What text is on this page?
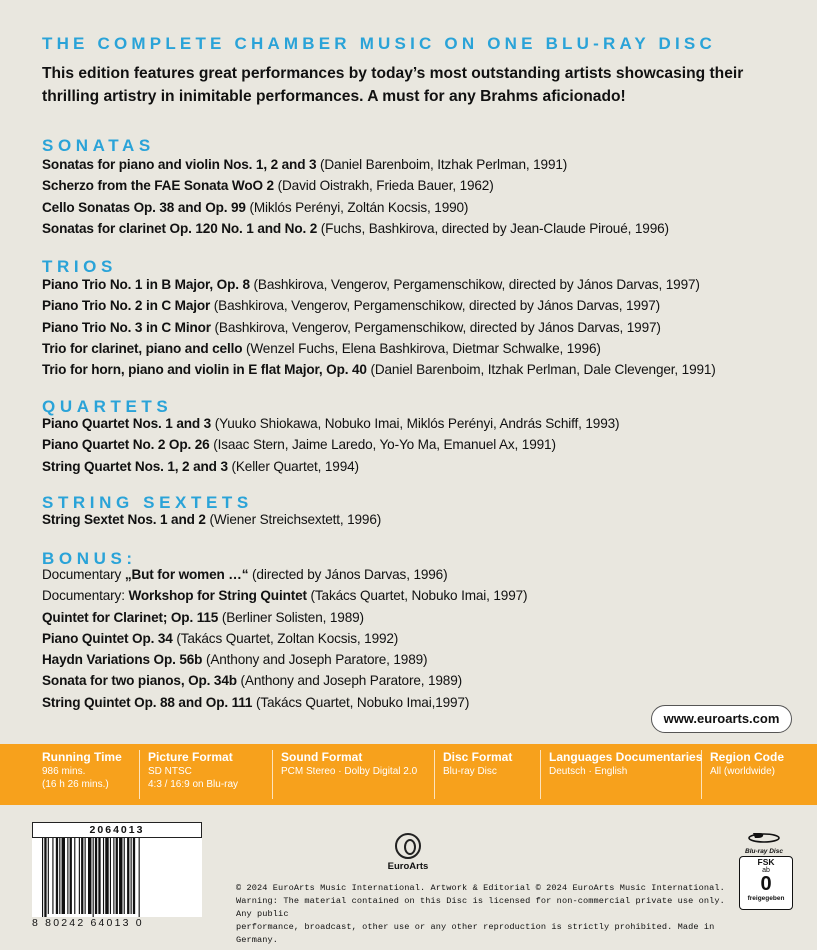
THE COMPLETE CHAMBER MUSIC ON ONE BLU-RAY DISC
This edition features great performances by today’s most outstanding artists showcasing their thrilling artistry in inimitable performances. A must for any Brahms aficionado!
SONATAS
Sonatas for piano and violin Nos. 1, 2 and 3 (Daniel Barenboim, Itzhak Perlman, 1991)
Scherzo from the FAE Sonata WoO 2 (David Oistrakh, Frieda Bauer, 1962)
Cello Sonatas Op. 38 and Op. 99 (Miklós Perényi, Zoltán Kocsis, 1990)
Sonatas for clarinet Op. 120 No. 1 and No. 2 (Fuchs, Bashkirova, directed by Jean-Claude Piroué, 1996)
TRIOS
Piano Trio No. 1 in B Major, Op. 8 (Bashkirova, Vengerov, Pergamenschikow, directed by János Darvas, 1997)
Piano Trio No. 2 in C Major (Bashkirova, Vengerov, Pergamenschikow, directed by János Darvas, 1997)
Piano Trio No. 3 in C Minor (Bashkirova, Vengerov, Pergamenschikow, directed by János Darvas, 1997)
Trio for clarinet, piano and cello (Wenzel Fuchs, Elena Bashkirova, Dietmar Schwalke, 1996)
Trio for horn, piano and violin in E flat Major, Op. 40 (Daniel Barenboim, Itzhak Perlman, Dale Clevenger, 1991)
QUARTETS
Piano Quartet Nos. 1 and 3 (Yuuko Shiokawa, Nobuko Imai, Miklós Perényi, András Schiff, 1993)
Piano Quartet No. 2 Op. 26 (Isaac Stern, Jaime Laredo, Yo-Yo Ma, Emanuel Ax, 1991)
String Quartet Nos. 1, 2 and 3 (Keller Quartet, 1994)
STRING SEXTETS
String Sextet Nos. 1 and 2 (Wiener Streichsextett, 1996)
BONUS:
Documentary „But for women …“ (directed by János Darvas, 1996)
Documentary: Workshop for String Quintet (Takács Quartet, Nobuko Imai, 1997)
Quintet for Clarinet; Op. 115 (Berliner Solisten, 1989)
Piano Quintet Op. 34 (Takács Quartet, Zoltan Kocsis, 1992)
Haydn Variations Op. 56b (Anthony and Joseph Paratore, 1989)
Sonata for two pianos, Op. 34b (Anthony and Joseph Paratore, 1989)
String Quintet Op. 88 and Op. 111 (Takács Quartet, Nobuko Imai,1997)
www.euroarts.com
Running Time
986 mins.
(16 h 26 mins.)
Picture Format
SD NTSC
4:3 / 16:9 on Blu-ray
Sound Format
PCM Stereo · Dolby Digital 2.0
Disc Format
Blu-ray Disc
Languages Documentaries
Deutsch · English
Region Code
All (worldwide)
2064013
8 80242 64013 0
EuroArts
Blu-ray Disc
FSK
ab
0
freigegeben
© 2024 EuroArts Music International. Artwork & Editorial © 2024 EuroArts Music International.
Warning: The material contained on this Disc is licensed for non-commercial private use only. Any public
performance, broadcast, other use or any other reproduction is strictly prohibited. Made in Germany.
